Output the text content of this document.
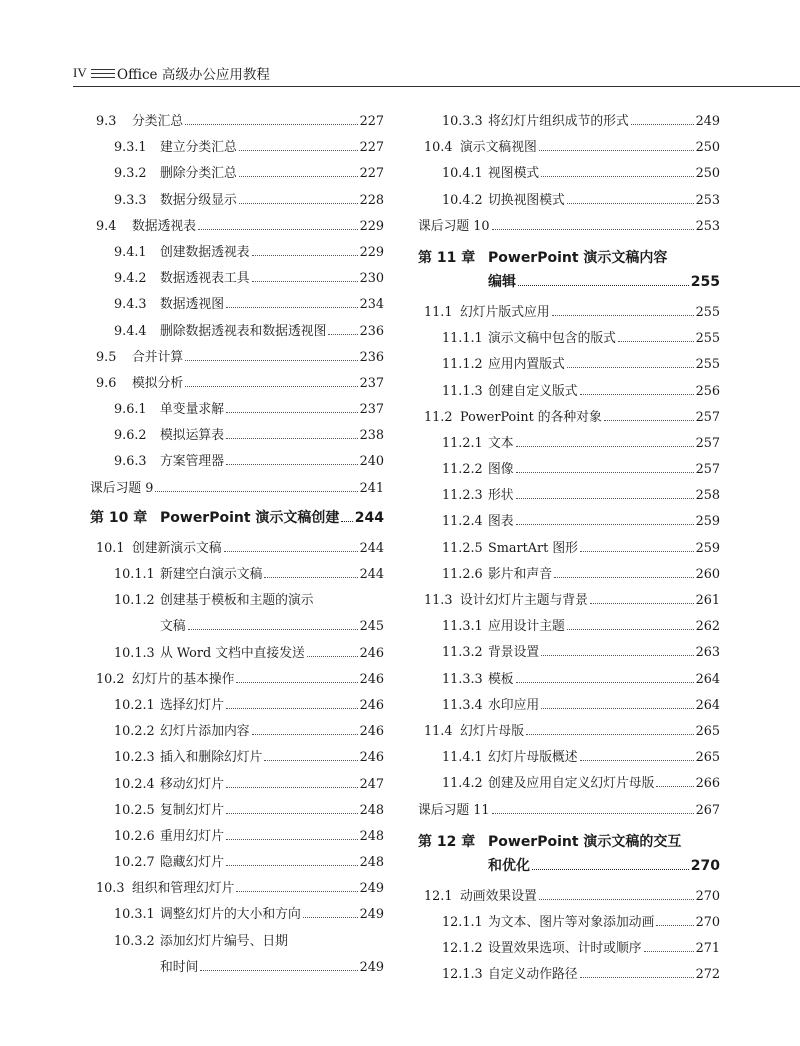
IV Office 高级办公应用教程
9.3	分类汇总	227
9.3.1	建立分类汇总	227
9.3.2	删除分类汇总	227
9.3.3	数据分级显示	228
9.4	数据透视表	229
9.4.1	创建数据透视表	229
9.4.2	数据透视表工具	230
9.4.3	数据透视图	234
9.4.4	删除数据透视表和数据透视图	236
9.5	合并计算	236
9.6	模拟分析	237
9.6.1	单变量求解	237
9.6.2	模拟运算表	238
9.6.3	方案管理器	240
课后习题 9	241
第 10 章 PowerPoint 演示文稿创建 244
10.1 创建新演示文稿	244
10.1.1 新建空白演示文稿	244
10.1.2 创建基于模板和主题的演示
文稿	245
10.1.3 从 Word 文档中直接发送	246
10.2 幻灯片的基本操作	246
10.2.1 选择幻灯片	246
10.2.2 幻灯片添加内容	246
10.2.3 插入和删除幻灯片	246
10.2.4 移动幻灯片	247
10.2.5 复制幻灯片	248
10.2.6 重用幻灯片	248
10.2.7 隐藏幻灯片	248
10.3 组织和管理幻灯片	249
10.3.1 调整幻灯片的大小和方向	249
10.3.2 添加幻灯片编号、日期
和时间	249
10.3.3 将幻灯片组织成节的形式	249
10.4 演示文稿视图	250
10.4.1 视图模式	250
10.4.2 切换视图模式	253
课后习题 10	253
第 11 章 PowerPoint 演示文稿内容
编辑	255
11.1 幻灯片版式应用	255
11.1.1 演示文稿中包含的版式	255
11.1.2 应用内置版式	255
11.1.3 创建自定义版式	256
11.2 PowerPoint 的各种对象	257
11.2.1 文本	257
11.2.2 图像	257
11.2.3 形状	258
11.2.4 图表	259
11.2.5 SmartArt 图形	259
11.2.6 影片和声音	260
11.3 设计幻灯片主题与背景	261
11.3.1 应用设计主题	262
11.3.2 背景设置	263
11.3.3 模板	264
11.3.4 水印应用	264
11.4 幻灯片母版	265
11.4.1 幻灯片母版概述	265
11.4.2 创建及应用自定义幻灯片母版	266
课后习题 11	267
第 12 章 PowerPoint 演示文稿的交互
和优化	270
12.1 动画效果设置	270
12.1.1 为文本、图片等对象添加动画	270
12.1.2 设置效果选项、计时或顺序	271
12.1.3 自定义动作路径	272
